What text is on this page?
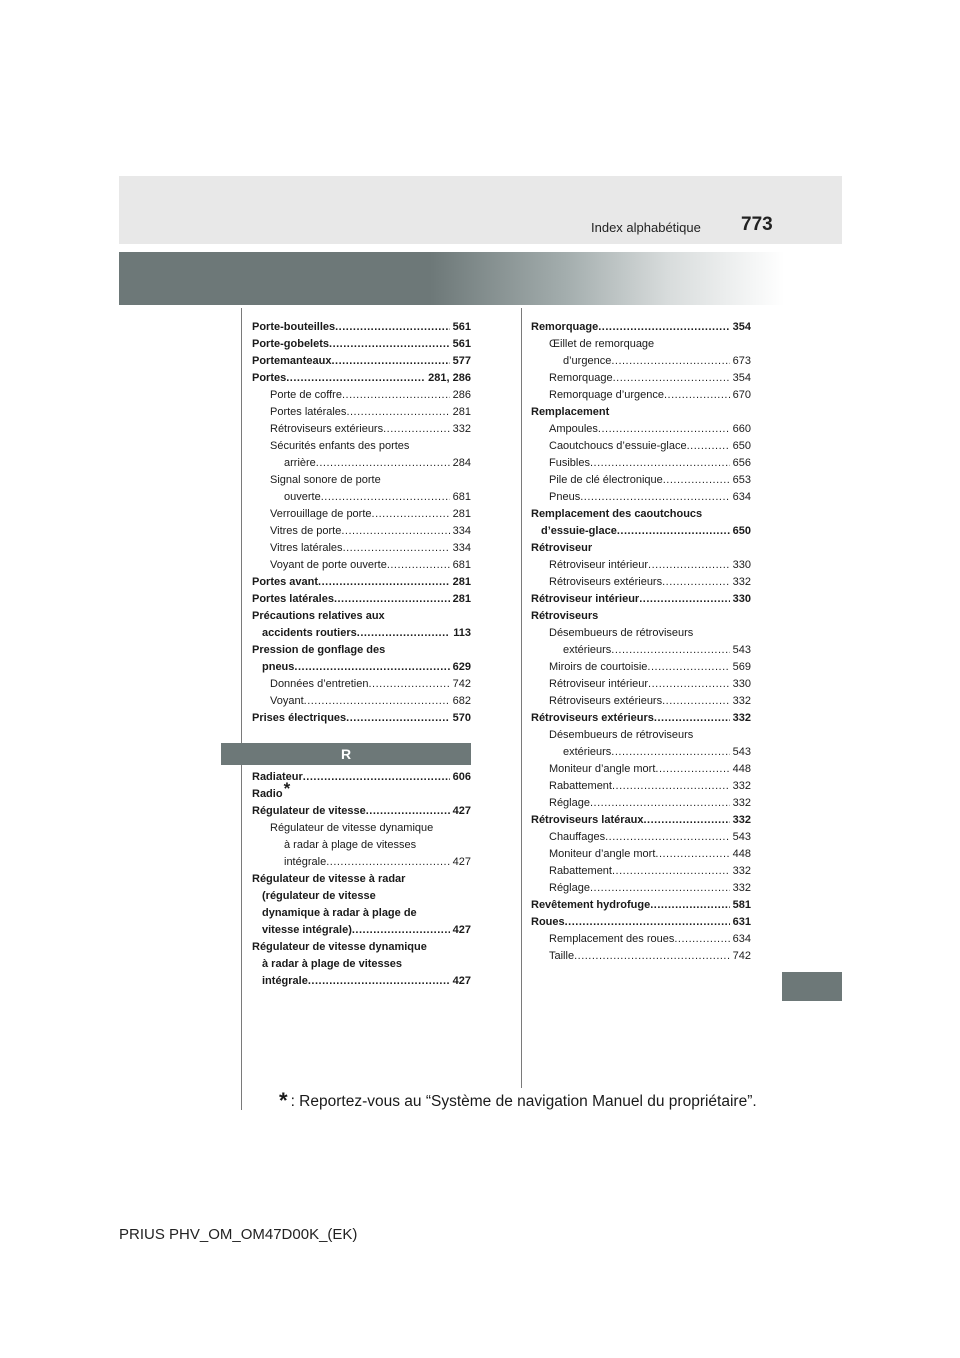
Index alphabétique 773
Porte-bouteilles .....	561
Porte-gobelets .....	561
Portemanteaux .....	577
Portes .....	281, 286
Porte de coffre .....	286
Portes latérales .....	281
Rétroviseurs extérieurs .....	332
Sécurités enfants des portes
arrière .....	284
Signal sonore de porte
ouverte .....	681
Verrouillage de porte .....	281
Vitres de porte .....	334
Vitres latérales .....	334
Voyant de porte ouverte .....	681
Portes avant .....	281
Portes latérales .....	281
Précautions relatives aux
accidents routiers .....	113
Pression de gonflage des
pneus .....	629
Données d’entretien .....	742
Voyant .....	682
Prises électriques .....	570
R
Radiateur .....	606
Radio *
Régulateur de vitesse .....	427
Régulateur de vitesse dynamique
à radar à plage de vitesses
intégrale .....	427
Régulateur de vitesse à radar
(régulateur de vitesse
dynamique à radar à plage de
vitesse intégrale) .....	427
Régulateur de vitesse dynamique
à radar à plage de vitesses
intégrale .....	427
Remorquage .....	354
Œillet de remorquage
d’urgence .....	673
Remorquage .....	354
Remorquage d’urgence .....	670
Remplacement
Ampoules .....	660
Caoutchoucs d’essuie-glace .....	650
Fusibles .....	656
Pile de clé électronique .....	653
Pneus .....	634
Remplacement des caoutchoucs
d’essuie-glace .....	650
Rétroviseur
Rétroviseur intérieur .....	330
Rétroviseurs extérieurs .....	332
Rétroviseur intérieur .....	330
Rétroviseurs
Désembueurs de rétroviseurs
extérieurs .....	543
Miroirs de courtoisie .....	569
Rétroviseur intérieur .....	330
Rétroviseurs extérieurs .....	332
Rétroviseurs extérieurs .....	332
Désembueurs de rétroviseurs
extérieurs .....	543
Moniteur d’angle mort .....	448
Rabattement .....	332
Réglage .....	332
Rétroviseurs latéraux .....	332
Chauffages .....	543
Moniteur d’angle mort .....	448
Rabattement .....	332
Réglage .....	332
Revêtement hydrofuge .....	581
Roues .....	631
Remplacement des roues .....	634
Taille .....	742
* : Reportez-vous au “Système de navigation Manuel du propriétaire”.
PRIUS PHV_OM_OM47D00K_(EK)
